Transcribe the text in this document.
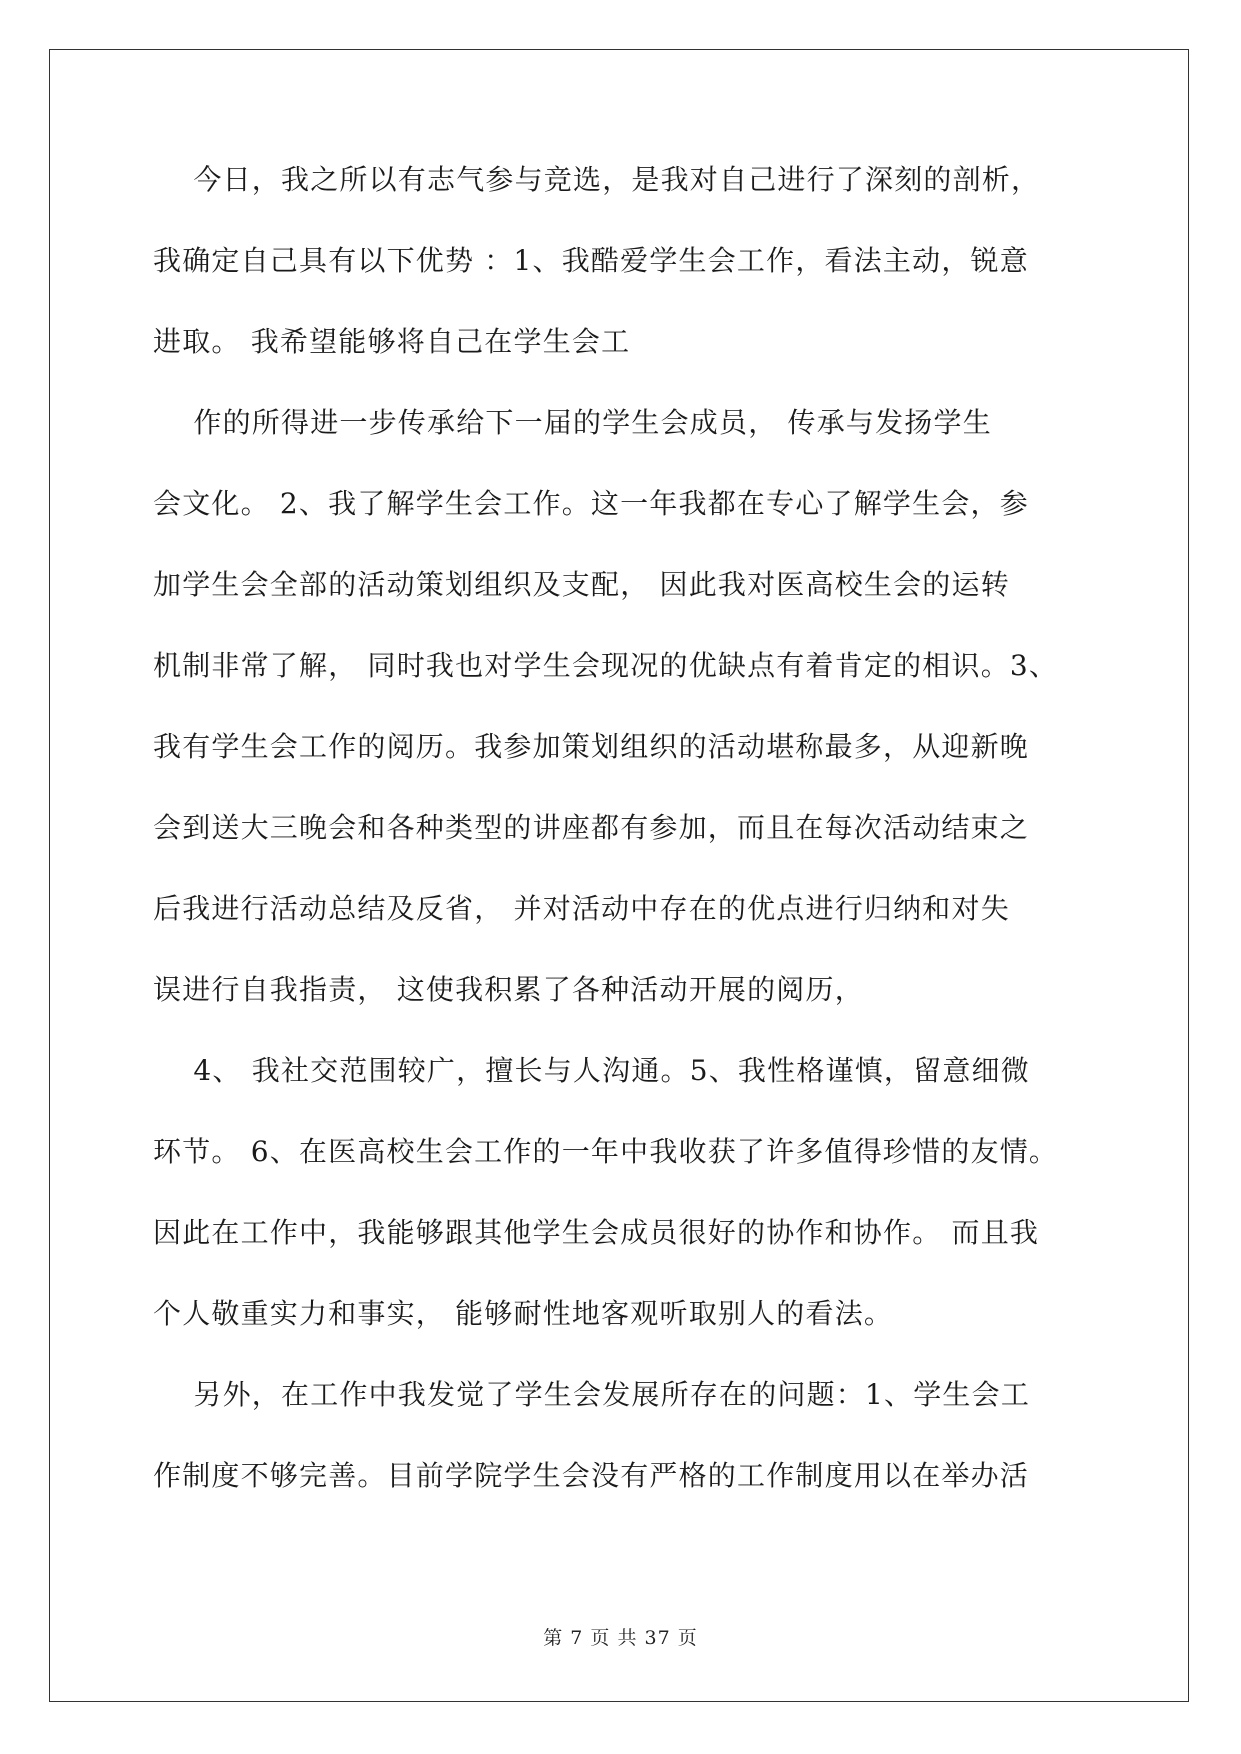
今日，我之所以有志气参与竞选，是我对自己进行了深刻的剖析，
我确定自己具有以下优势 ：1、我酷爱学生会工作，看法主动，锐意
进取。 我希望能够将自己在学生会工
作的所得进一步传承给下一届的学生会成员， 传承与发扬学生
会文化。 2、我了解学生会工作。这一年我都在专心了解学生会，参
加学生会全部的活动策划组织及支配， 因此我对医高校生会的运转
机制非常了解， 同时我也对学生会现况的优缺点有着肯定的相识。3、
我有学生会工作的阅历。我参加策划组织的活动堪称最多，从迎新晚
会到送大三晚会和各种类型的讲座都有参加，而且在每次活动结束之
后我进行活动总结及反省， 并对活动中存在的优点进行归纳和对失
误进行自我指责， 这使我积累了各种活动开展的阅历，
4、 我社交范围较广，擅长与人沟通。5、我性格谨慎，留意细微
环节。 6、在医高校生会工作的一年中我收获了许多值得珍惜的友情。
因此在工作中，我能够跟其他学生会成员很好的协作和协作。 而且我
个人敬重实力和事实， 能够耐性地客观听取别人的看法。
另外，在工作中我发觉了学生会发展所存在的问题：1、学生会工
作制度不够完善。目前学院学生会没有严格的工作制度用以在举办活
第 7 页 共 37 页
